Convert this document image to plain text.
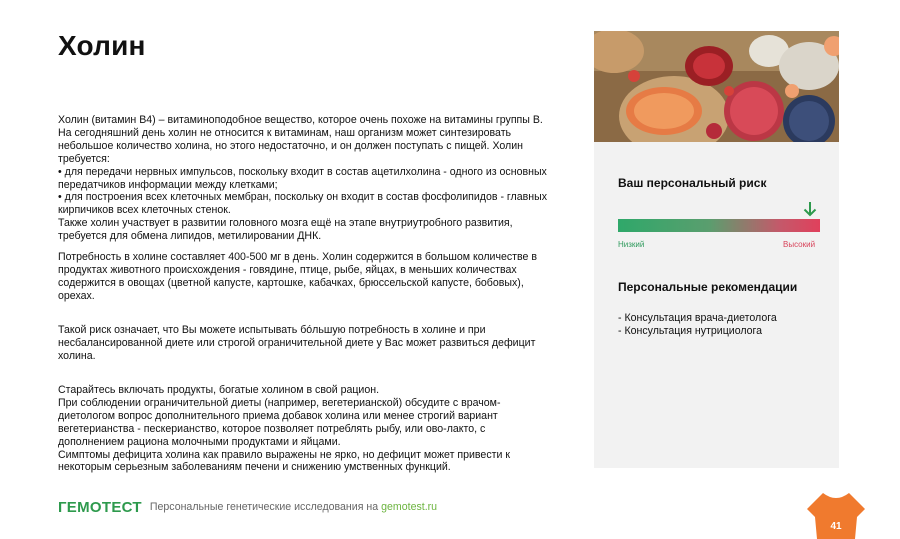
Холин
Холин (витамин В4) – витаминоподобное вещество, которое очень похоже на витамины группы В. На сегодняшний день холин не относится к витаминам, наш организм может синтезировать небольшое количество холина, но этого недостаточно, и он должен поступать с пищей. Холин требуется:
• для передачи нервных импульсов, поскольку входит в состав ацетилхолина - одного из основных передатчиков информации между клетками;
• для построения всех клеточных мембран, поскольку он входит в состав фосфолипидов - главных кирпичиков всех клеточных стенок.
Также холин участвует в развитии головного мозга ещё на этапе внутриутробного развития, требуется для обмена липидов, метилировании ДНК.
Потребность в холине составляет 400-500 мг в день. Холин содержится в большом количестве в продуктах животного происхождения - говядине, птице, рыбе, яйцах, в меньших количествах содержится в овощах (цветной капусте, картошке, кабачках, брюссельской капусте, бобовых), орехах.
Такой риск означает, что Вы можете испытывать бóльшую потребность в холине и при несбалансированной диете или строгой ограничительной диете у Вас может развиться дефицит холина.
Старайтесь включать продукты, богатые холином в свой рацион.
При соблюдении ограничительной диеты (например, вегетерианской) обсудите с врачом-диетологом вопрос дополнительного приема добавок холина или менее строгий вариант вегетерианства - пескерианство, которое позволяет потреблять рыбу, или ово-лакто, с дополнением рациона молочными продуктами и яйцами.
Симптомы дефицита холина как правило выражены не ярко, но дефицит может привести к некоторым серьезным заболеваниям печени и снижению умственных функций.
Ваш персональный риск
Низкий	Высокий
Персональные рекомендации
- Консультация врача-диетолога
- Консультация нутрициолога
ГЕМОТЕСТ Персональные генетические исследования на gemotest.ru
41
